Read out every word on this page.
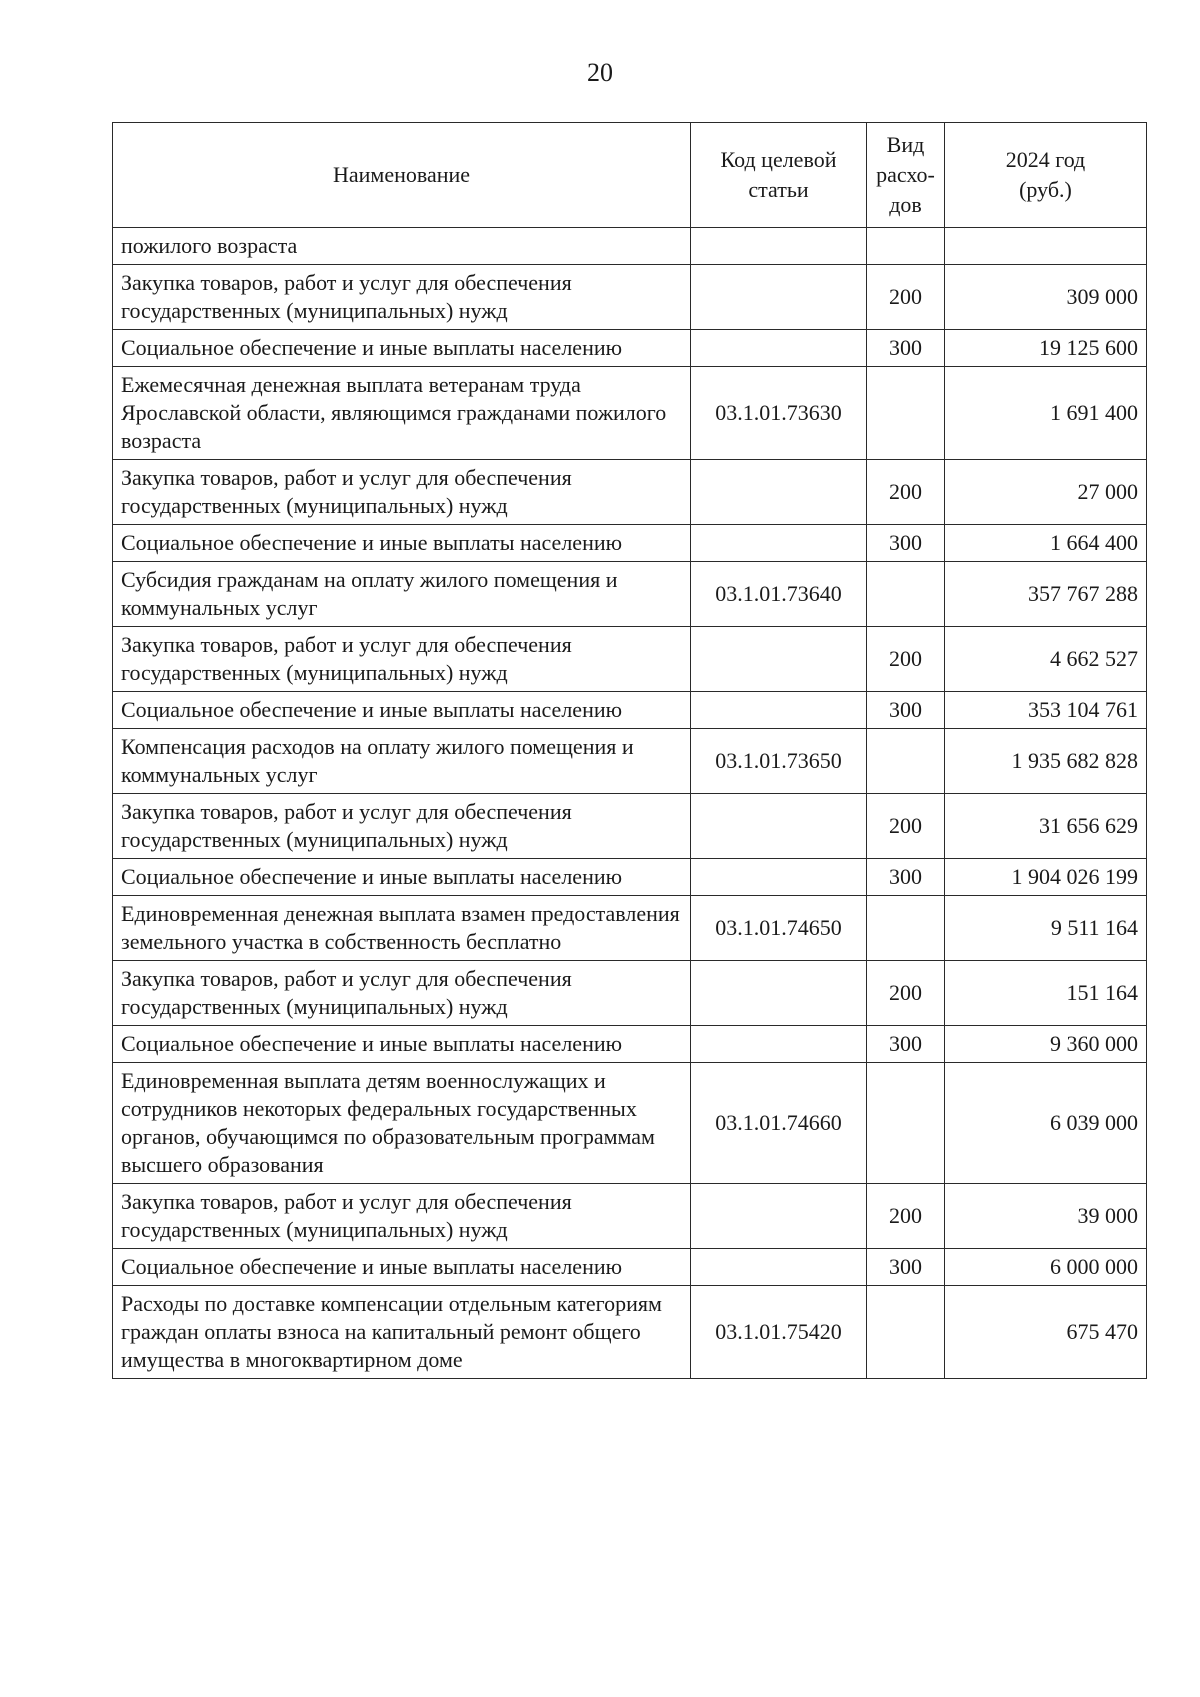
20
Наименование	Код целевой статьи	Вид расхо-дов	2024 год (руб.)
пожилого возраста			
Закупка товаров, работ и услуг для обеспечения государственных (муниципальных) нужд		200	309 000
Социальное обеспечение и иные выплаты населению		300	19 125 600
Ежемесячная денежная выплата ветеранам труда Ярославской области, являющимся гражданами пожилого возраста	03.1.01.73630		1 691 400
Закупка товаров, работ и услуг для обеспечения государственных (муниципальных) нужд		200	27 000
Социальное обеспечение и иные выплаты населению		300	1 664 400
Субсидия гражданам на оплату жилого помещения и коммунальных услуг	03.1.01.73640		357 767 288
Закупка товаров, работ и услуг для обеспечения государственных (муниципальных) нужд		200	4 662 527
Социальное обеспечение и иные выплаты населению		300	353 104 761
Компенсация расходов на оплату жилого помещения и коммунальных услуг	03.1.01.73650		1 935 682 828
Закупка товаров, работ и услуг для обеспечения государственных (муниципальных) нужд		200	31 656 629
Социальное обеспечение и иные выплаты населению		300	1 904 026 199
Единовременная денежная выплата взамен предоставления земельного участка в собственность бесплатно	03.1.01.74650		9 511 164
Закупка товаров, работ и услуг для обеспечения государственных (муниципальных) нужд		200	151 164
Социальное обеспечение и иные выплаты населению		300	9 360 000
Единовременная выплата детям военнослужащих и сотрудников некоторых федеральных государственных органов, обучающимся по образовательным программам высшего образования	03.1.01.74660		6 039 000
Закупка товаров, работ и услуг для обеспечения государственных (муниципальных) нужд		200	39 000
Социальное обеспечение и иные выплаты населению		300	6 000 000
Расходы по доставке компенсации отдельным категориям граждан оплаты взноса на капитальный ремонт общего имущества в многоквартирном доме	03.1.01.75420		675 470
